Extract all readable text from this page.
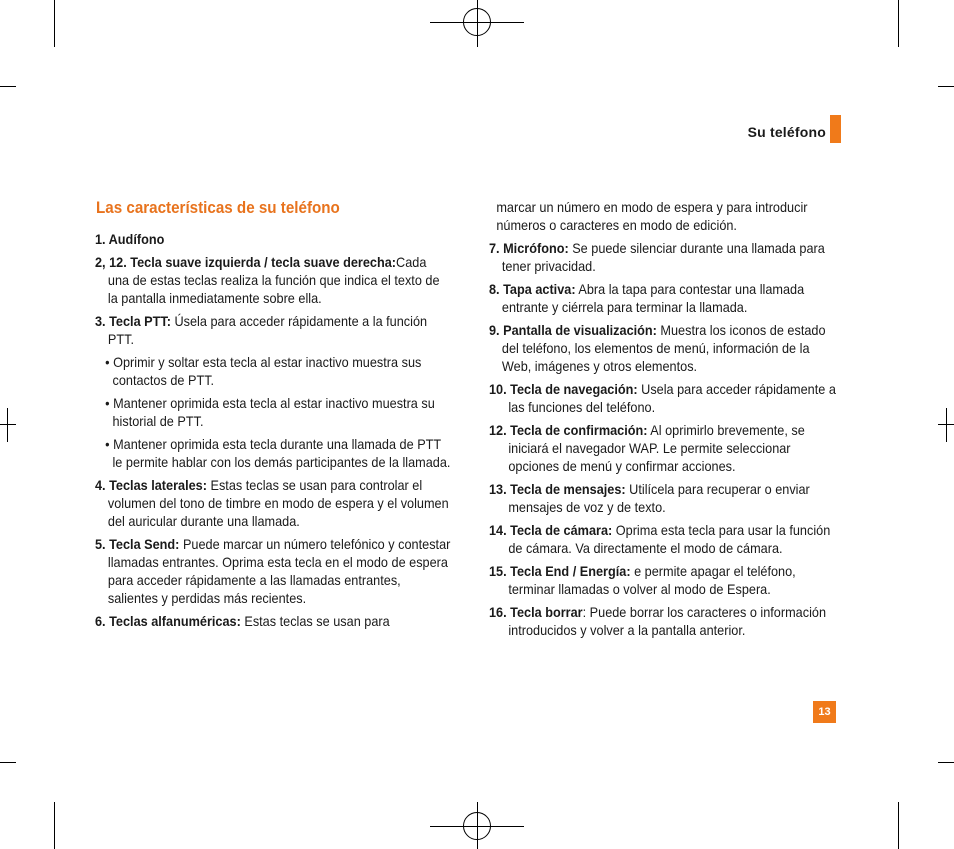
Su teléfono
Las características de su teléfono

1. Audífono

2, 12. Tecla suave izquierda / tecla suave derecha:Cada una de estas teclas realiza la función que indica el texto de la pantalla inmediatamente sobre ella.

3. Tecla PTT: Úsela para acceder rápidamente a la función PTT.

• Oprimir y soltar esta tecla al estar inactivo muestra sus contactos de PTT.

• Mantener oprimida esta tecla al estar inactivo muestra su historial de PTT.

• Mantener oprimida esta tecla durante una llamada de PTT le permite hablar con los demás participantes de la llamada.

4. Teclas laterales: Estas teclas se usan para controlar el volumen del tono de timbre en modo de espera y el volumen del auricular durante una llamada.

5. Tecla Send: Puede marcar un número telefónico y contestar llamadas entrantes. Oprima esta tecla en el modo de espera para acceder rápidamente a las llamadas entrantes, salientes y perdidas más recientes.

6. Teclas alfanuméricas: Estas teclas se usan para

marcar un número en modo de espera y para introducir números o caracteres en modo de edición.

7. Micrófono: Se puede silenciar durante una llamada para tener privacidad.

8. Tapa activa: Abra la tapa para contestar una llamada entrante y ciérrela para terminar la llamada.

9. Pantalla de visualización: Muestra los iconos de estado del teléfono, los elementos de menú, información de la Web, imágenes y otros elementos.

10. Tecla de navegación: Usela para acceder rápidamente a las funciones del teléfono.

12. Tecla de confirmación: Al oprimirlo brevemente, se iniciará el navegador WAP. Le permite seleccionar opciones de menú y confirmar acciones.

13. Tecla de mensajes: Utilícela para recuperar o enviar mensajes de voz y de texto.

14. Tecla de cámara: Oprima esta tecla para usar la función de cámara. Va directamente el modo de cámara.

15. Tecla End / Energía: e permite apagar el teléfono, terminar llamadas o volver al modo de Espera.

16. Tecla borrar: Puede borrar los caracteres o información introducidos y volver a la pantalla anterior.

13
